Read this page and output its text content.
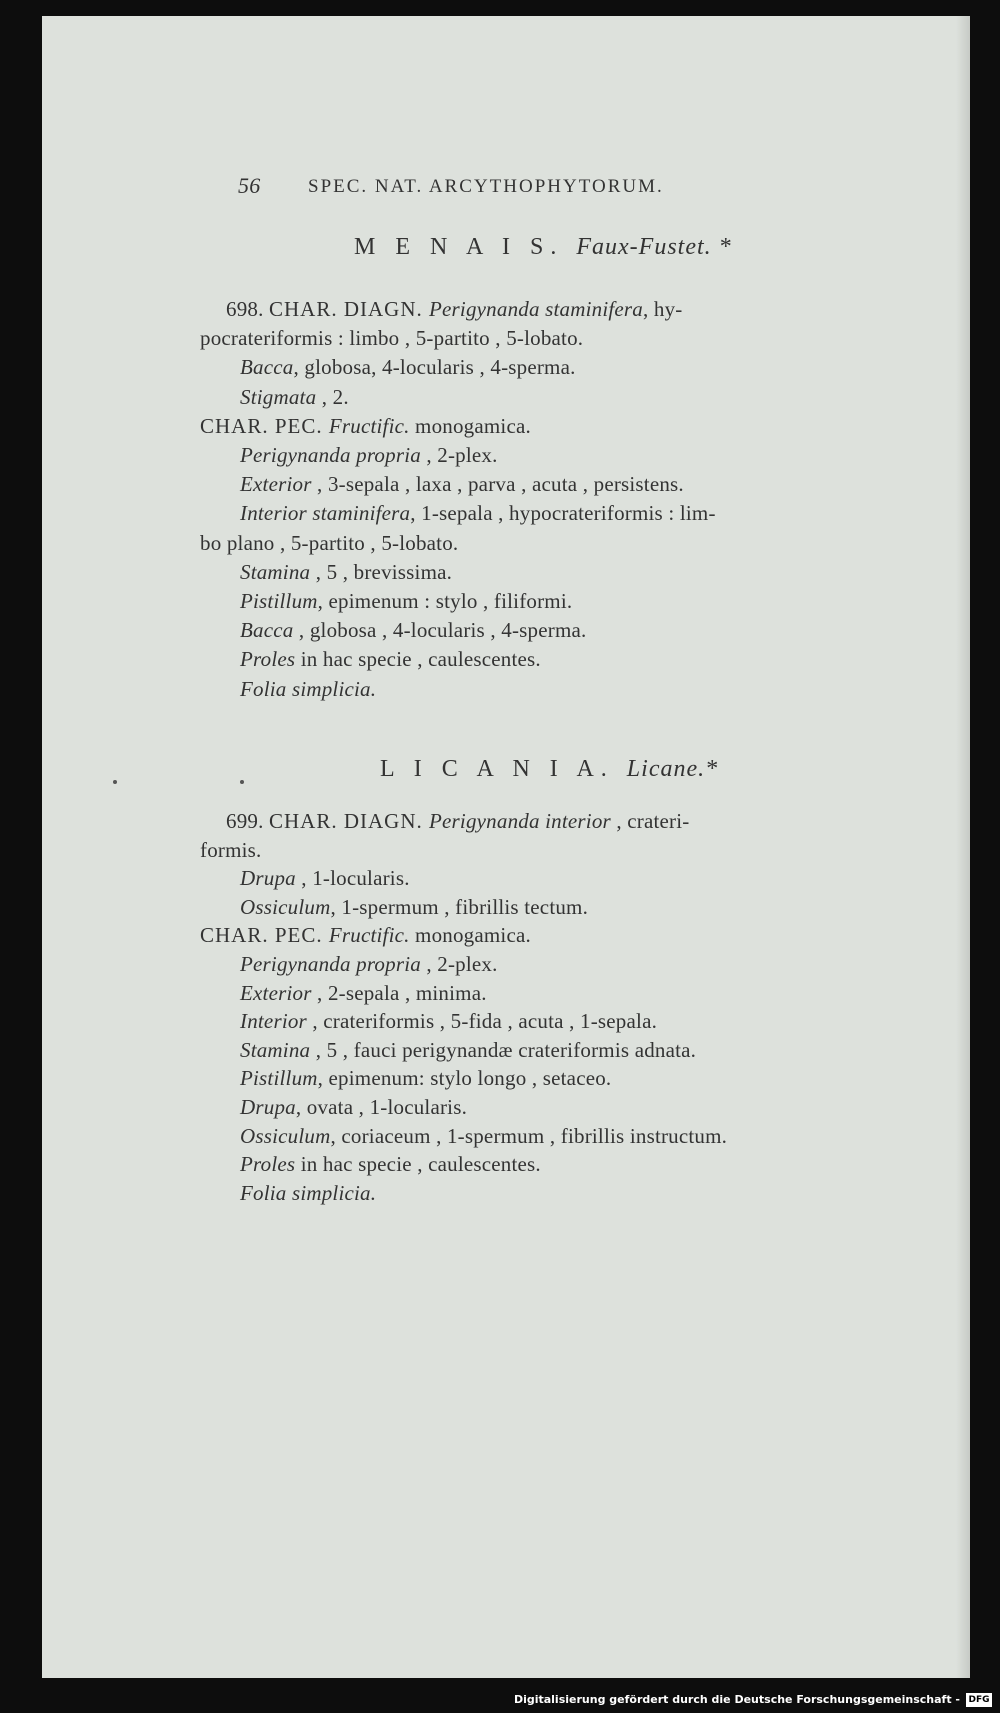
56	SPEC. NAT. ARCYTHOPHYTORUM.
M E N A I S. Faux-Fustet. *
698. CHAR. DIAGN. Perigynanda staminifera, hy-
pocrateriformis : limbo , 5-partito , 5-lobato.
Bacca, globosa, 4-locularis , 4-sperma.
Stigmata , 2.
CHAR. PEC. Fructific. monogamica.
Perigynanda propria , 2-plex.
Exterior , 3-sepala , laxa , parva , acuta , persistens.
Interior staminifera, 1-sepala , hypocrateriformis : lim-
bo plano , 5-partito , 5-lobato.
Stamina , 5 , brevissima.
Pistillum, epimenum : stylo , filiformi.
Bacca , globosa , 4-locularis , 4-sperma.
Proles in hac specie , caulescentes.
Folia simplicia.
L I C A N I A. Licane.*
699. CHAR. DIAGN. Perigynanda interior , crateri-
formis.
Drupa , 1-locularis.
Ossiculum, 1-spermum , fibrillis tectum.
CHAR. PEC. Fructific. monogamica.
Perigynanda propria , 2-plex.
Exterior , 2-sepala , minima.
Interior , crateriformis , 5-fida , acuta , 1-sepala.
Stamina , 5 , fauci perigynandæ crateriformis adnata.
Pistillum, epimenum: stylo longo , setaceo.
Drupa, ovata , 1-locularis.
Ossiculum, coriaceum , 1-spermum , fibrillis instructum.
Proles in hac specie , caulescentes.
Folia simplicia.
Digitalisierung gefördert durch die Deutsche Forschungsgemeinschaft - DFG
